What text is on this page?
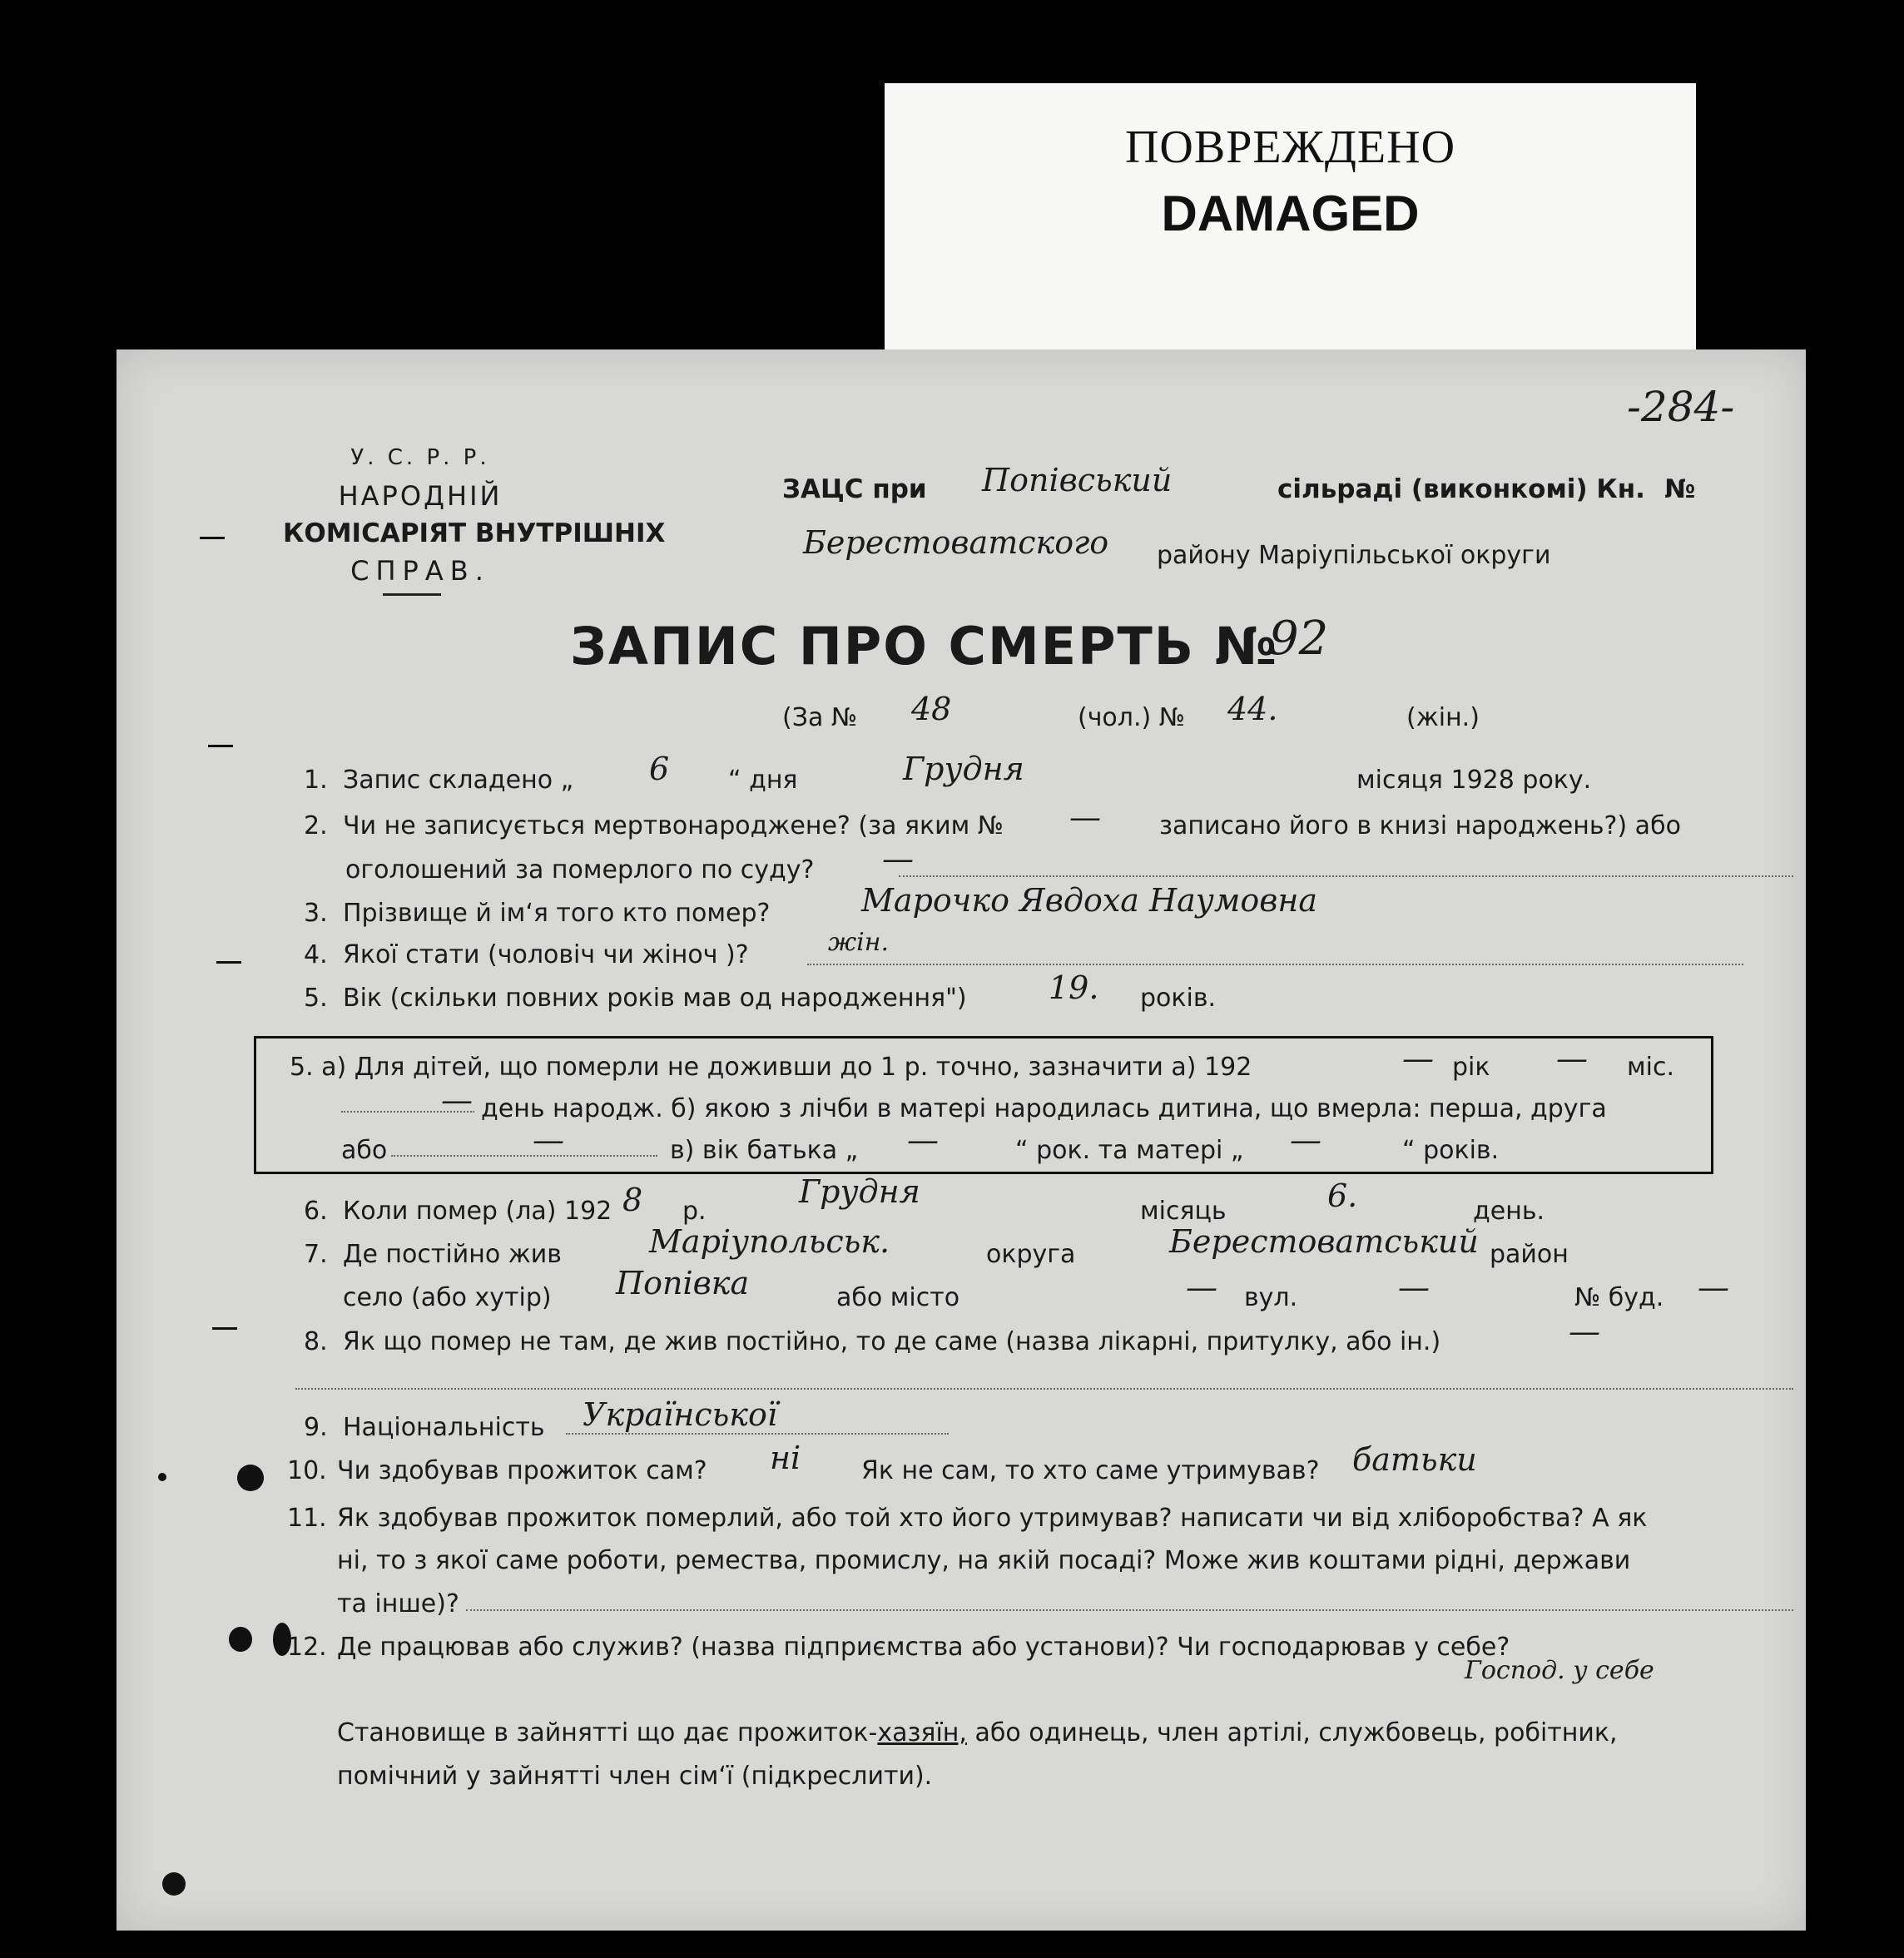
ПОВРЕЖДЕНО
DAMAGED
-284-
У. С. Р. Р.
НАРОДНІЙ
КОМІСАРІЯТ ВНУТРІШНІХ
СПРАВ.
ЗАЦС при Попівський	сільраді (виконкомі) Кн. №
Берестоватского району Маріупільської округи
ЗАПИС ПРО СМЕРТЬ №
92
(За № 48	(чол.) № 44.	(жін.)
1. Запис складено „ 6 “ дня	Грудня	місяця 1928 року.
2. Чи не записується мертвонароджене? (за яким № — записано його в книзі народжень?) або
оголошений за померлого по суду? —
3. Прізвище й ім‘я того кто помер?	Марочко Явдоха Наумовна
4. Якої стати (чоловіч чи жіноч )?	жін.
5. Вік (скільки повних років мав од народження")	19. років.
5. а) Для дітей, що померли не доживши до 1 р. точно, зазначити а) 192	— рік — міс.
— день народж. б) якою з лічби в матері народилась дитина, що вмерла: перша, друга
або	—	в) вік батька „ —	“ рок. та матері „ —	“ років.
6. Коли помер (ла) 192 8 р.
Грудня
місяць	6.	день.
7. Де постійно жив	Маріупольськ.	округа	Берестоватський район
село (або хутір) Попівка	або місто	— вул.	—	№ буд. —
8. Як що помер не там, де жив постійно, то де саме (назва лікарні, притулку, або ін.)	—
9. Національність Української
10. Чи здобував прожиток сам? ні Як не сам, то хто саме утримував? батьки
11. Як здобував прожиток померлий, або той хто його утримував? написати чи від хліборобства? А як
ні, то з якої саме роботи, ремества, промислу, на якій посаді? Може жив коштами рідні, держави
та інше)?
12. Де працював або служив? (назва підприємства або установи)? Чи господарював у себе?
Господ. у себе
Становище в зайнятті що дає прожиток-хазяїн, або одинець, член артілі, службовець, робітник,
помічний у зайнятті член сім‘ї (підкреслити).
